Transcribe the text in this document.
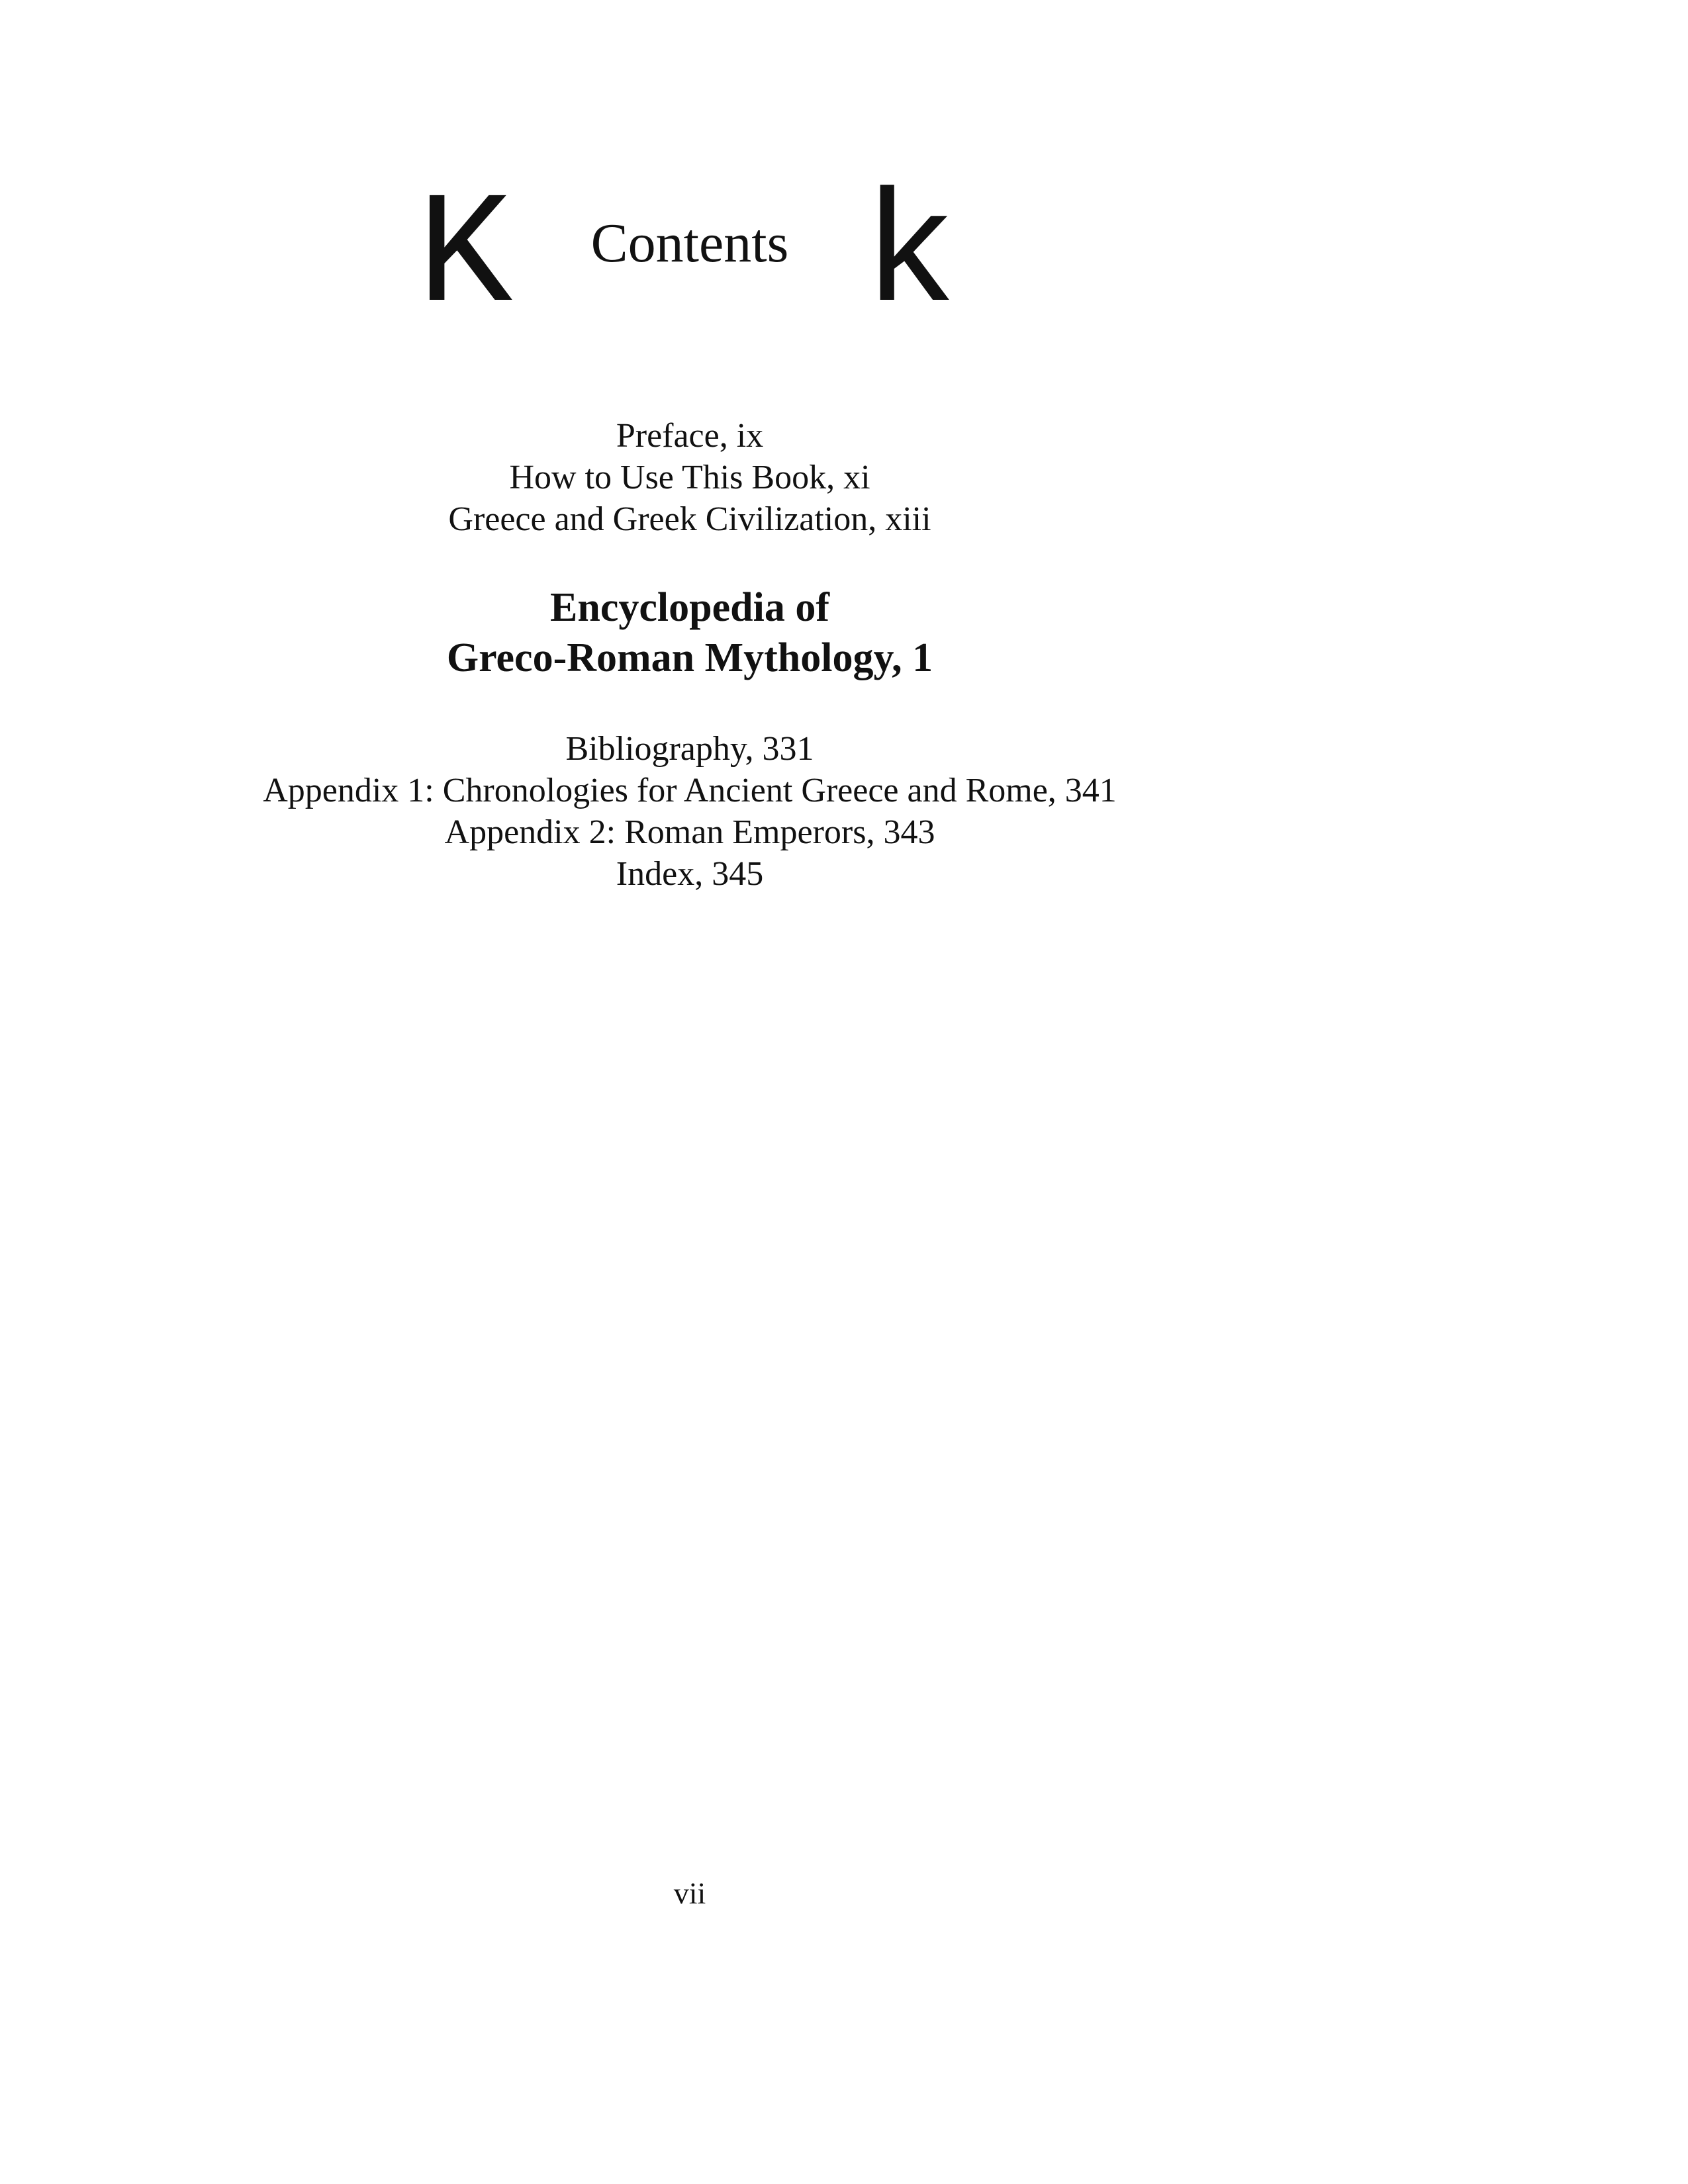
K	Contents k
Preface, ix
How to Use This Book, xi
Greece and Greek Civilization, xiii
Encyclopedia of
Greco-Roman Mythology, 1
Bibliography, 331
Appendix 1: Chronologies for Ancient Greece and Rome, 341
Appendix 2: Roman Emperors, 343
Index, 345
vii
